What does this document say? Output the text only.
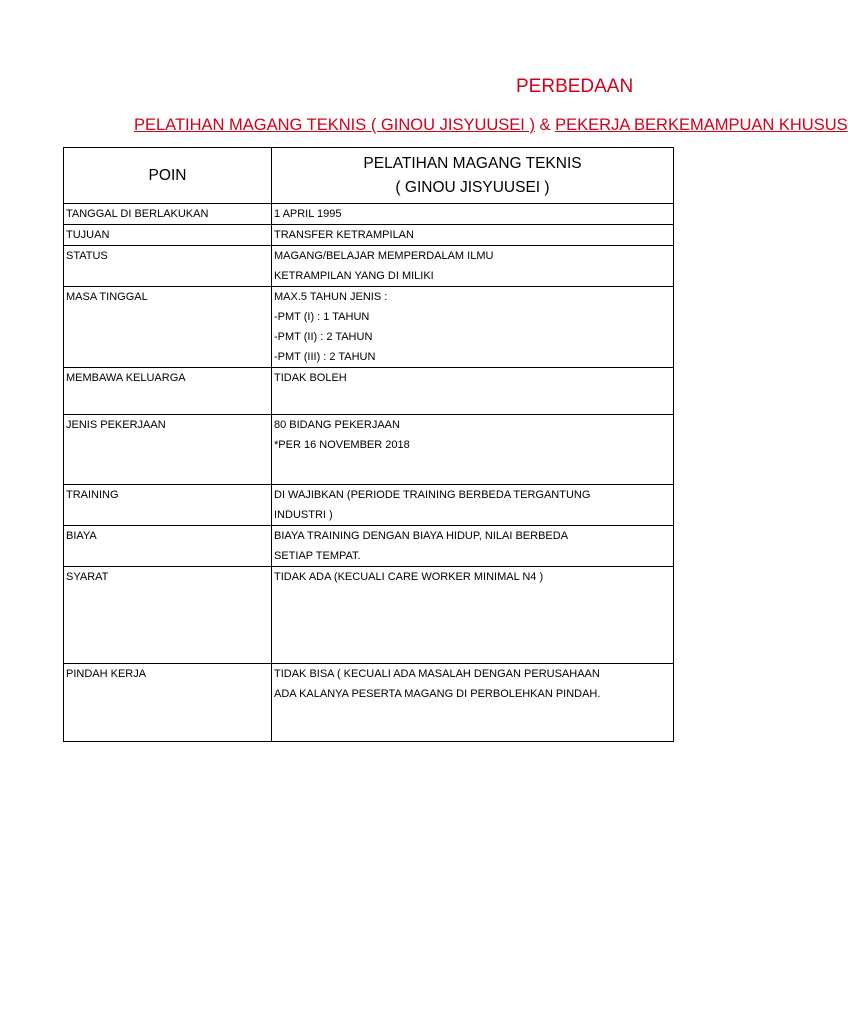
PERBEDAAN
PELATIHAN MAGANG TEKNIS ( GINOU JISYUUSEI ) & PEKERJA BERKEMAMPUAN KHUSUS
POIN	PELATIHAN MAGANG TEKNIS
( GINOU JISYUUSEI )

TANGGAL DI BERLAKUKAN	1 APRIL 1995

TUJUAN	TRANSFER KETRAMPILAN

STATUS	MAGANG/BELAJAR MEMPERDALAM ILMU
KETRAMPILAN YANG DI MILIKI

MASA TINGGAL	MAX.5 TAHUN JENIS :
-PMT (I) : 1 TAHUN
-PMT (II) : 2 TAHUN
-PMT (III) : 2 TAHUN

MEMBAWA KELUARGA	TIDAK BOLEH

JENIS PEKERJAAN	80 BIDANG PEKERJAAN
*PER 16 NOVEMBER 2018

TRAINING	DI WAJIBKAN (PERIODE TRAINING BERBEDA TERGANTUNG
INDUSTRI )

BIAYA	BIAYA TRAINING DENGAN BIAYA HIDUP, NILAI BERBEDA
SETIAP TEMPAT.

SYARAT	TIDAK ADA (KECUALI CARE WORKER MINIMAL N4 )

PINDAH KERJA	TIDAK BISA ( KECUALI ADA MASALAH DENGAN PERUSAHAAN
ADA KALANYA PESERTA MAGANG DI PERBOLEHKAN PINDAH.
